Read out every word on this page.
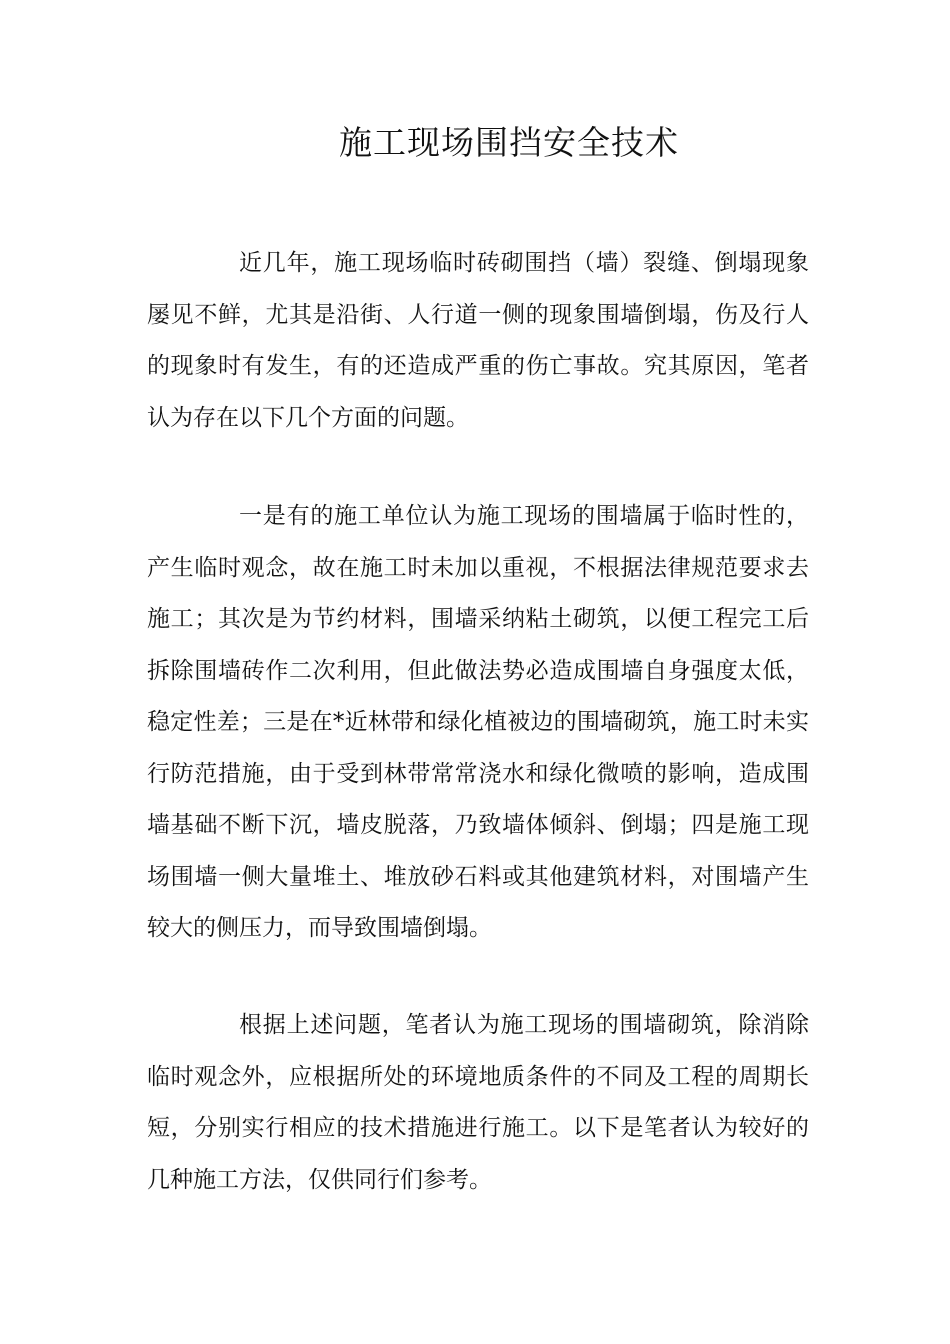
施工现场围挡安全技术

近几年，施工现场临时砖砌围挡（墙）裂缝、倒塌现象屡见不鲜，尤其是沿街、人行道一侧的现象围墙倒塌，伤及行人的现象时有发生，有的还造成严重的伤亡事故。究其原因，笔者认为存在以下几个方面的问题。

一是有的施工单位认为施工现场的围墙属于临时性的，产生临时观念，故在施工时未加以重视，不根据法律规范要求去施工；其次是为节约材料，围墙采纳粘土砌筑，以便工程完工后拆除围墙砖作二次利用，但此做法势必造成围墙自身强度太低，稳定性差；三是在*近林带和绿化植被边的围墙砌筑，施工时未实行防范措施，由于受到林带常常浇水和绿化微喷的影响，造成围墙基础不断下沉，墙皮脱落，乃致墙体倾斜、倒塌；四是施工现场围墙一侧大量堆土、堆放砂石料或其他建筑材料，对围墙产生较大的侧压力，而导致围墙倒塌。

根据上述问题，笔者认为施工现场的围墙砌筑，除消除临时观念外，应根据所处的环境地质条件的不同及工程的周期长短，分别实行相应的技术措施进行施工。以下是笔者认为较好的几种施工方法，仅供同行们参考。
